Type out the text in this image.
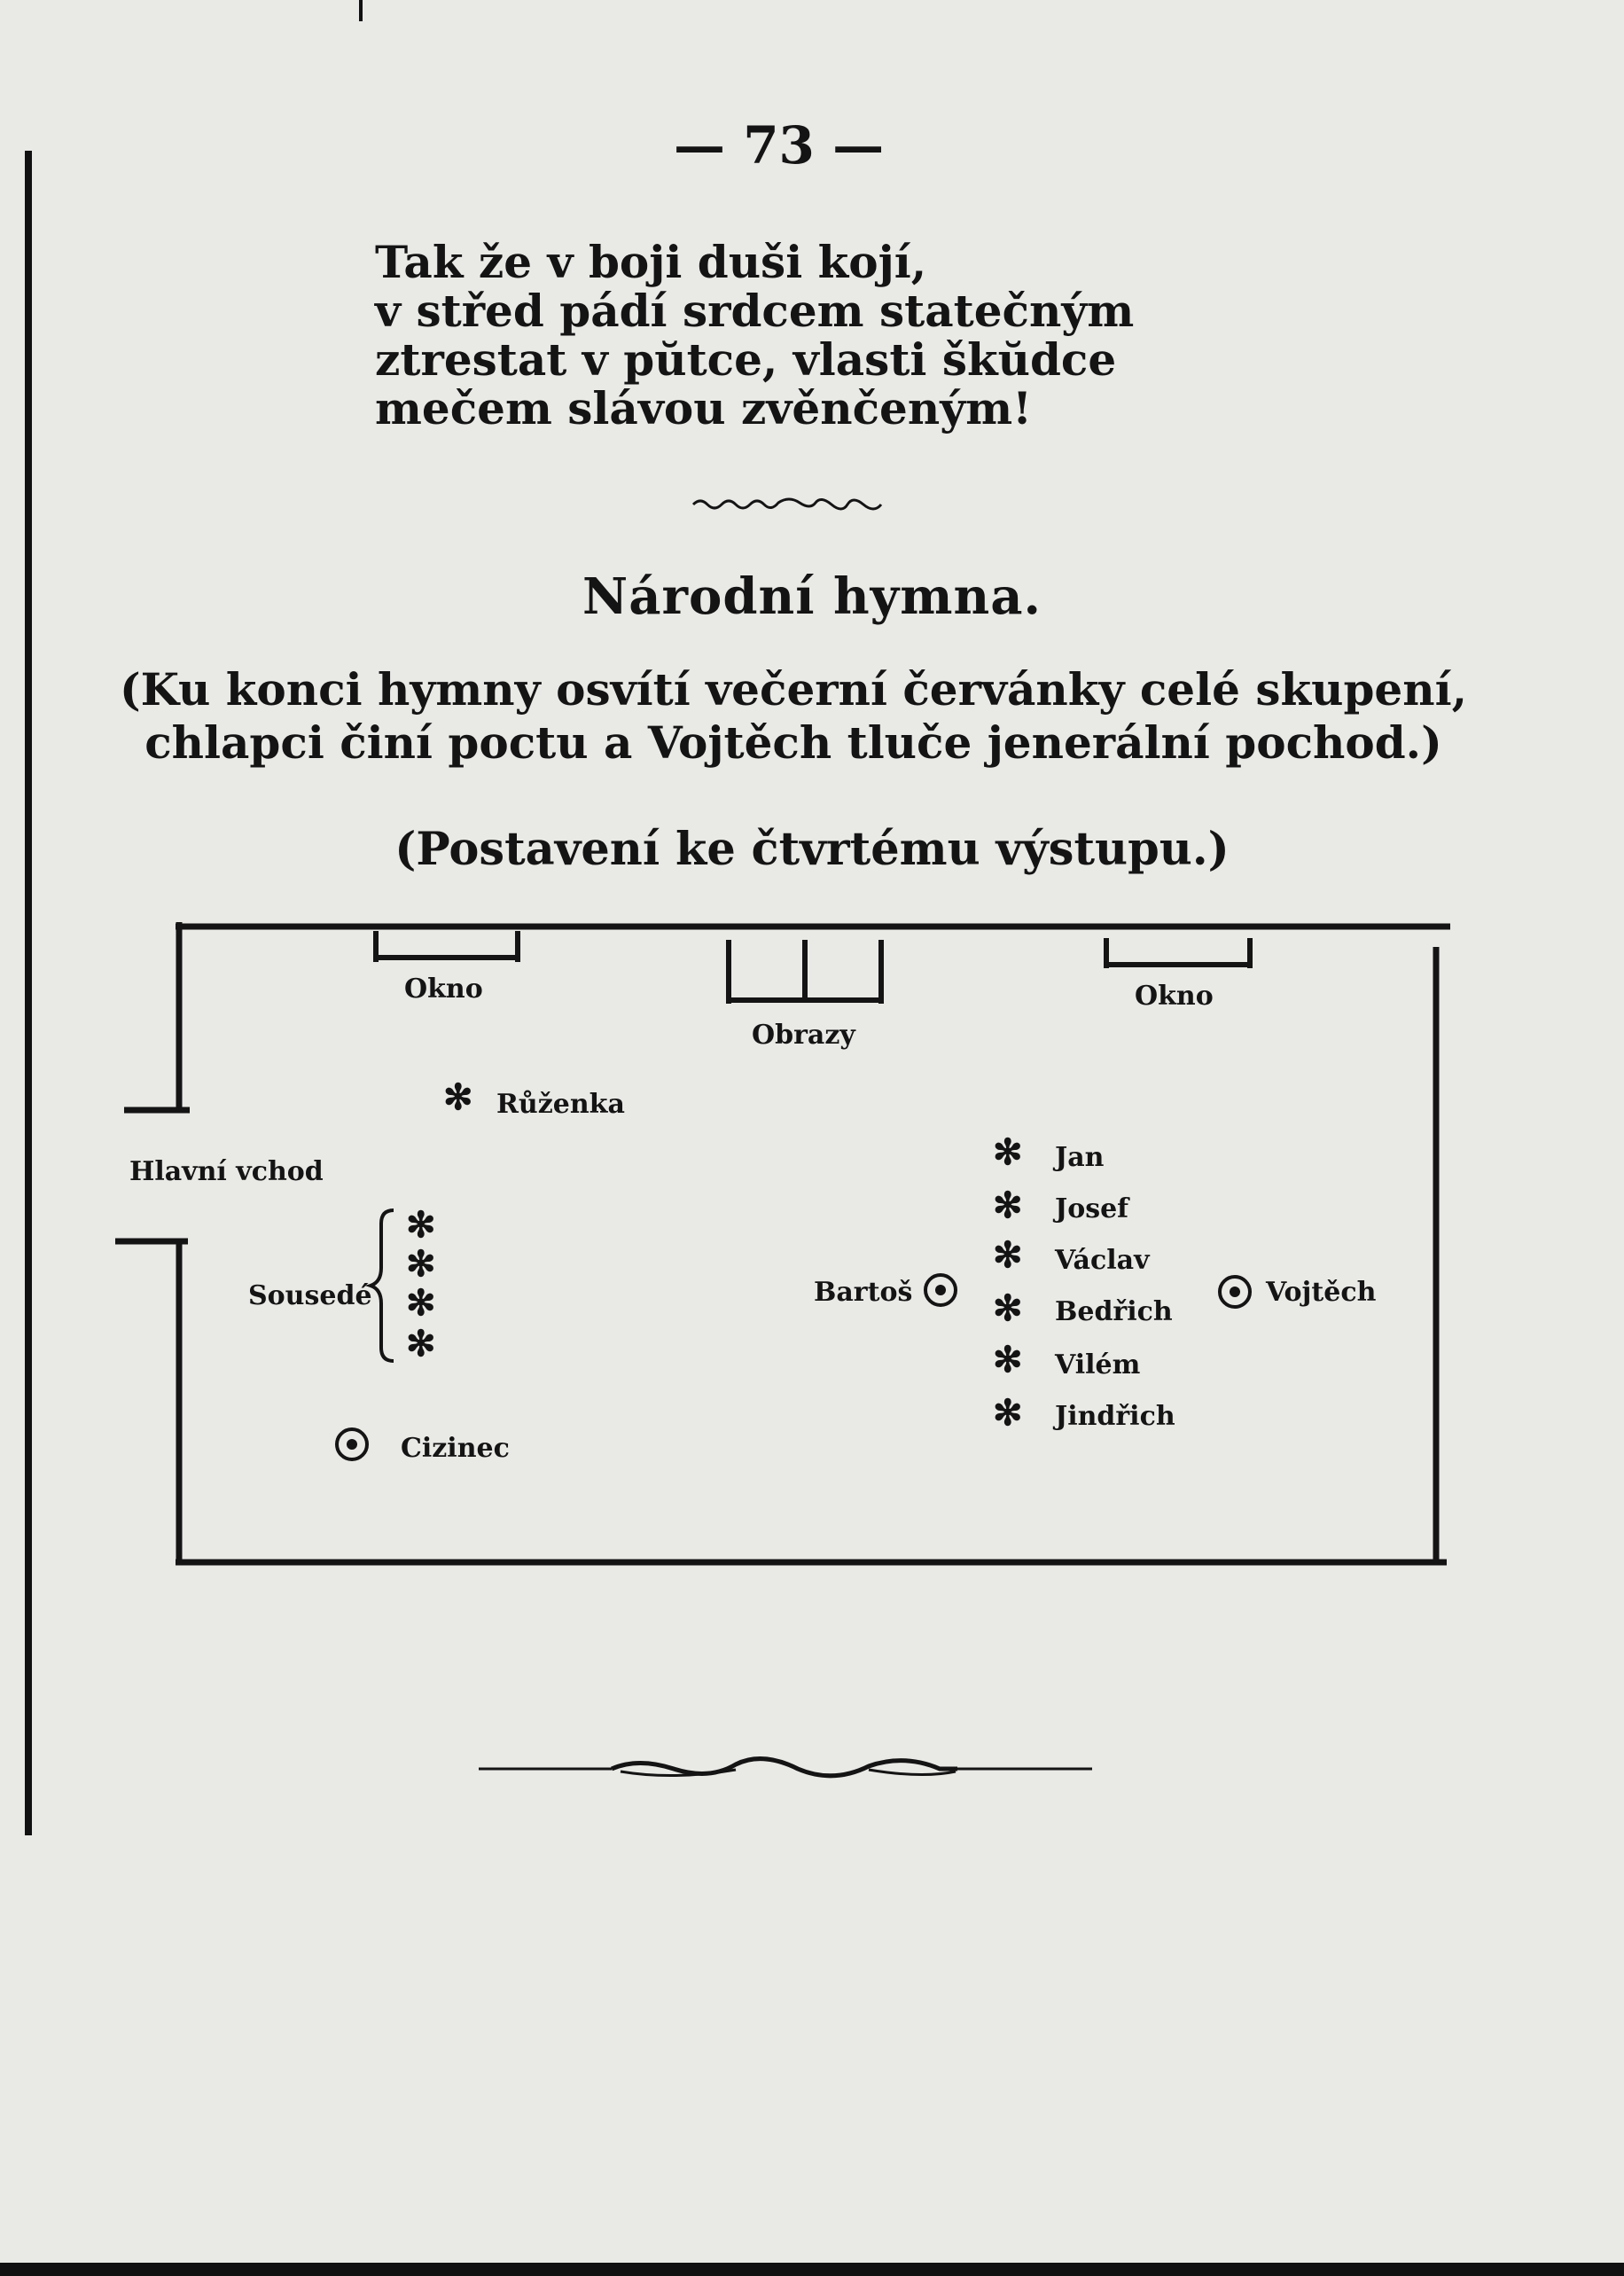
— 73 —
Tak že v boji duši kojí,
v střed pádí srdcem statečným
ztrestat v pŭtce, vlasti škŭdce
mečem slávou zvěnčeným!
Národní hymna.
(Ku konci hymny osvítí večerní červánky celé skupení,
chlapci činí poctu a Vojtěch tluče jenerální pochod.)
(Postavení ke čtvrtému výstupu.)
Okno
Obrazy
Okno
Hlavní vchod
✻ Růženka
Sousedé
✻
✻
✻
✻
Cizinec
Bartoš
✻ Jan
✻ Josef
✻ Václav
✻ Bedřich
✻ Vilém
✻ Jindřich
Vojtěch
